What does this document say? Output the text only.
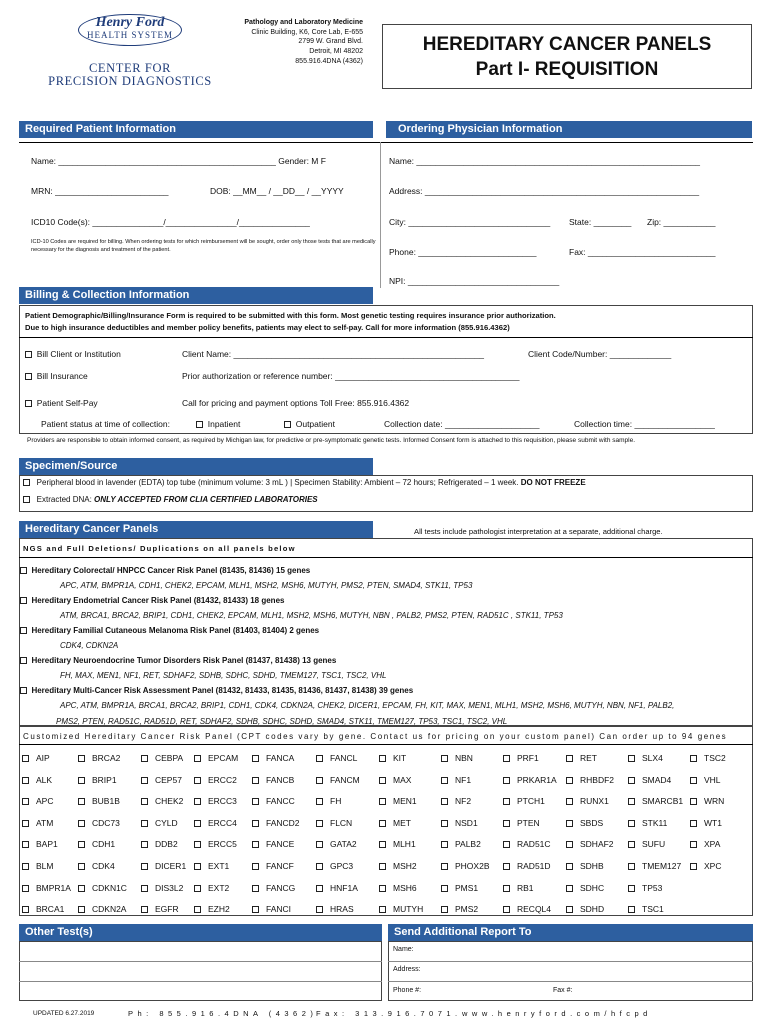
Henry Ford
HEALTH SYSTEM
CENTER FOR
PRECISION DIAGNOSTICS
Pathology and Laboratory Medicine
Clinic Building, K6, Core Lab, E-655
2799 W. Grand Blvd.
Detroit, MI 48202
855.916.4DNA (4362)
HEREDITARY CANCER PANELS
Part I- REQUISITION
Required Patient Information	Ordering Physician Information
Name: ______________________________________________ Gender: M F
MRN: ________________________	DOB: __MM__ / __DD__ / __YYYY
ICD10 Code(s): _______________/_______________/_______________
ICD-10 Codes are required for billing. When ordering tests for which reimbursement will be sought, order only those tests that are medically necessary for the diagnosis and treatment of the patient.
Name: ____________________________________________________________
Address: __________________________________________________________
City: ______________________________ State: ________ Zip: ___________
Phone: _________________________	Fax: ___________________________
NPI: ________________________________
Billing & Collection Information
Patient Demographic/Billing/Insurance Form is required to be submitted with this form. Most genetic testing requires insurance prior authorization.
Due to high insurance deductibles and member policy benefits, patients may elect to self-pay. Call for more information (855.916.4362)
Bill Client or Institution	Client Name: _____________________________________________________	Client Code/Number: _____________
Bill Insurance	Prior authorization or reference number: _______________________________________
Patient Self-Pay	Call for pricing and payment options Toll Free: 855.916.4362
Patient status at time of collection:	Inpatient	Outpatient	Collection date: ____________________	Collection time: _________________
Providers are responsible to obtain informed consent, as required by Michigan law, for predictive or pre-symptomatic genetic tests. Informed Consent form is attached to this requisition, please submit with sample.
Specimen/Source
Peripheral blood in lavender (EDTA) top tube (minimum volume: 3 mL ) | Specimen Stability: Ambient – 72 hours; Refrigerated – 1 week. DO NOT FREEZE
Extracted DNA: ONLY ACCEPTED FROM CLIA CERTIFIED LABORATORIES
Hereditary Cancer Panels	All tests include pathologist interpretation at a separate, additional charge.
NGS and Full Deletions/ Duplications on all panels below
Hereditary Colorectal/ HNPCC Cancer Risk Panel (81435, 81436) 15 genes
APC, ATM, BMPR1A, CDH1, CHEK2, EPCAM, MLH1, MSH2, MSH6, MUTYH, PMS2, PTEN, SMAD4, STK11, TP53
Hereditary Endometrial Cancer Risk Panel (81432, 81433) 18 genes
ATM, BRCA1, BRCA2, BRIP1, CDH1, CHEK2, EPCAM, MLH1, MSH2, MSH6, MUTYH, NBN , PALB2, PMS2, PTEN, RAD51C , STK11, TP53
Hereditary Familial Cutaneous Melanoma Risk Panel (81403, 81404) 2 genes
CDK4, CDKN2A
Hereditary Neuroendocrine Tumor Disorders Risk Panel (81437, 81438) 13 genes
FH, MAX, MEN1, NF1, RET, SDHAF2, SDHB, SDHC, SDHD, TMEM127, TSC1, TSC2, VHL
Hereditary Multi-Cancer Risk Assessment Panel (81432, 81433, 81435, 81436, 81437, 81438) 39 genes
APC, ATM, BMPR1A, BRCA1, BRCA2, BRIP1, CDH1, CDK4, CDKN2A, CHEK2, DICER1, EPCAM, FH, KIT, MAX, MEN1, MLH1, MSH2, MSH6, MUTYH, NBN, NF1, PALB2,
PMS2, PTEN, RAD51C, RAD51D, RET, SDHAF2, SDHB, SDHC, SDHD, SMAD4, STK11, TMEM127, TP53, TSC1, TSC2, VHL
Customized Hereditary Cancer Risk Panel (CPT codes vary by gene. Contact us for pricing on your custom panel) Can order up to 94 genes
AIP	BRCA2	CEBPA	EPCAM	FANCA	FANCL	KIT	NBN	PRF1	RET	SLX4	TSC2
ALK	BRIP1	CEP57	ERCC2	FANCB	FANCM	MAX	NF1	PRKAR1A	RHBDF2	SMAD4	VHL
APC	BUB1B	CHEK2	ERCC3	FANCC	FH	MEN1	NF2	PTCH1	RUNX1	SMARCB1	WRN
ATM	CDC73	CYLD	ERCC4	FANCD2	FLCN	MET	NSD1	PTEN	SBDS	STK11	WT1
BAP1	CDH1	DDB2	ERCC5	FANCE	GATA2	MLH1	PALB2	RAD51C	SDHAF2	SUFU	XPA
BLM	CDK4	DICER1	EXT1	FANCF	GPC3	MSH2	PHOX2B	RAD51D	SDHB	TMEM127	XPC
BMPR1A	CDKN1C	DIS3L2	EXT2	FANCG	HNF1A	MSH6	PMS1	RB1	SDHC	TP53
BRCA1	CDKN2A	EGFR	EZH2	FANCI	HRAS	MUTYH	PMS2	RECQL4	SDHD	TSC1
Other Test(s)	Send Additional Report To
Name:
Address:
Phone #:	Fax #:
UPDATED 6.27.2019	Ph: 855.916.4DNA (4362)
Fax: 313.916.7071. www.henryford.com/hfcpd
